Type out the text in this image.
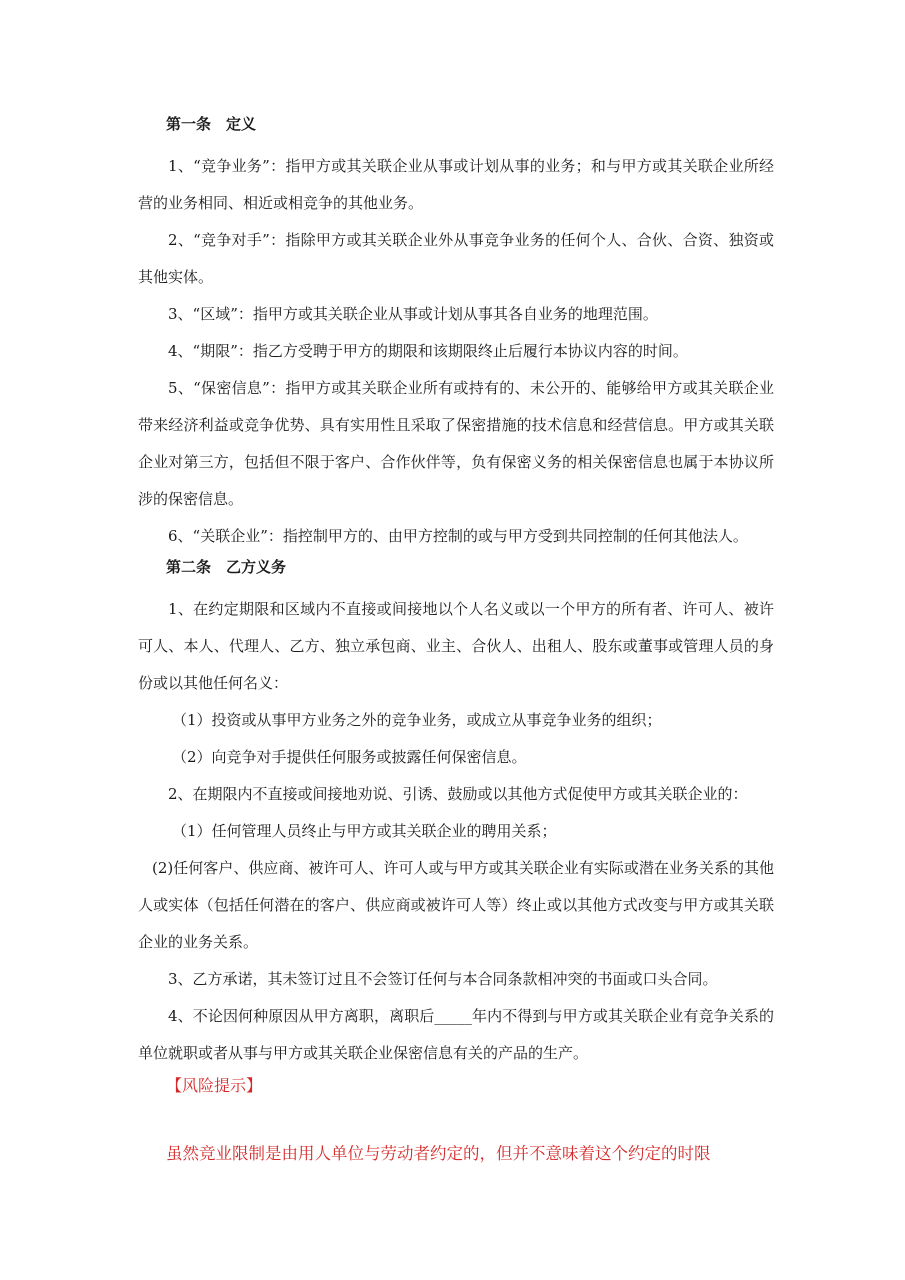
第一条　定义

1、“竞争业务”：指甲方或其关联企业从事或计划从事的业务；和与甲方或其关联企业所经营的业务相同、相近或相竞争的其他业务。

2、“竞争对手”：指除甲方或其关联企业外从事竞争业务的任何个人、合伙、合资、独资或其他实体。

3、“区域”：指甲方或其关联企业从事或计划从事其各自业务的地理范围。

4、“期限”：指乙方受聘于甲方的期限和该期限终止后履行本协议内容的时间。

5、“保密信息”：指甲方或其关联企业所有或持有的、未公开的、能够给甲方或其关联企业带来经济利益或竞争优势、具有实用性且采取了保密措施的技术信息和经营信息。甲方或其关联企业对第三方，包括但不限于客户、合作伙伴等，负有保密义务的相关保密信息也属于本协议所涉的保密信息。

6、“关联企业”：指控制甲方的、由甲方控制的或与甲方受到共同控制的任何其他法人。

第二条　乙方义务

1、在约定期限和区域内不直接或间接地以个人名义或以一个甲方的所有者、许可人、被许可人、本人、代理人、乙方、独立承包商、业主、合伙人、出租人、股东或董事或管理人员的身份或以其他任何名义：

（1）投资或从事甲方业务之外的竞争业务，或成立从事竞争业务的组织；

（2）向竞争对手提供任何服务或披露任何保密信息。

2、在期限内不直接或间接地劝说、引诱、鼓励或以其他方式促使甲方或其关联企业的：

（1）任何管理人员终止与甲方或其关联企业的聘用关系；

(2)任何客户、供应商、被许可人、许可人或与甲方或其关联企业有实际或潜在业务关系的其他人或实体（包括任何潜在的客户、供应商或被许可人等）终止或以其他方式改变与甲方或其关联企业的业务关系。

3、乙方承诺，其未签订过且不会签订任何与本合同条款相冲突的书面或口头合同。

4、不论因何种原因从甲方离职，离职后_____年内不得到与甲方或其关联企业有竞争关系的单位就职或者从事与甲方或其关联企业保密信息有关的产品的生产。

【风险提示】

虽然竞业限制是由用人单位与劳动者约定的，但并不意味着这个约定的时限
